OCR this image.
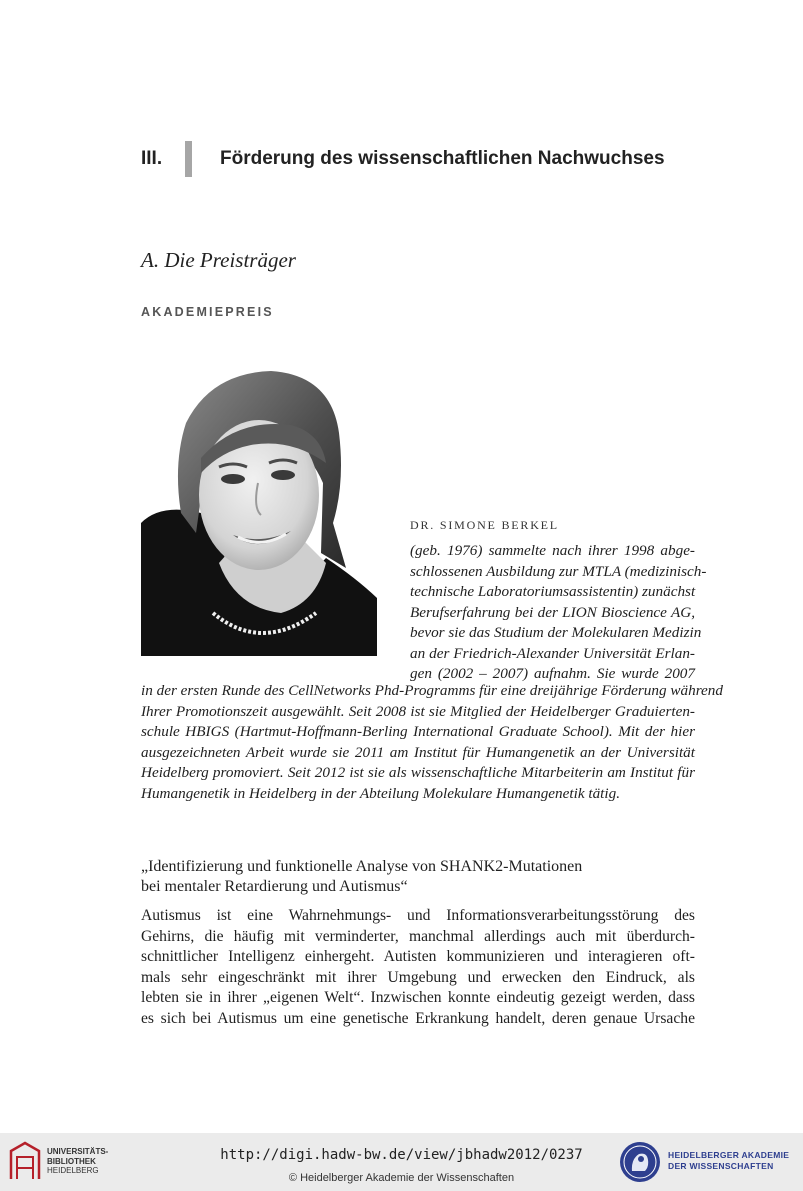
III.	Förderung des wissenschaftlichen Nachwuchses
A. Die Preisträger
AKADEMIEPREIS
DR. SIMONE BERKEL
(geb. 1976) sammelte nach ihrer 1998 abge-
schlossenen Ausbildung zur MTLA (medizinisch-
technische Laboratoriumsassistentin) zunächst
Berufserfahrung bei der LION Bioscience AG,
bevor sie das Studium der Molekularen Medizin
an der Friedrich-Alexander Universität Erlan-
gen (2002 – 2007) aufnahm. Sie wurde 2007
in der ersten Runde des CellNetworks Phd-Programms für eine dreijährige Förderung während
Ihrer Promotionszeit ausgewählt. Seit 2008 ist sie Mitglied der Heidelberger Graduierten-
schule HBIGS (Hartmut-Hoffmann-Berling International Graduate School). Mit der hier
ausgezeichneten Arbeit wurde sie 2011 am Institut für Humangenetik an der Universität
Heidelberg promoviert. Seit 2012 ist sie als wissenschaftliche Mitarbeiterin am Institut für
Humangenetik in Heidelberg in der Abteilung Molekulare Humangenetik tätig.
„Identifizierung und funktionelle Analyse von SHANK2-Mutationen
bei mentaler Retardierung und Autismus“
Autismus ist eine Wahrnehmungs- und Informationsverarbeitungsstörung des
Gehirns, die häufig mit verminderter, manchmal allerdings auch mit überdurch-
schnittlicher Intelligenz einhergeht. Autisten kommunizieren und interagieren oft-
mals sehr eingeschränkt mit ihrer Umgebung und erwecken den Eindruck, als
lebten sie in ihrer „eigenen Welt“. Inzwischen konnte eindeutig gezeigt werden, dass
es sich bei Autismus um eine genetische Erkrankung handelt, deren genaue Ursache
UNIVERSITÄTS-
BIBLIOTHEK
HEIDELBERG
http://digi.hadw-bw.de/view/jbhadw2012/0237
© Heidelberger Akademie der Wissenschaften
HEIDELBERGER AKADEMIE
DER WISSENSCHAFTEN
